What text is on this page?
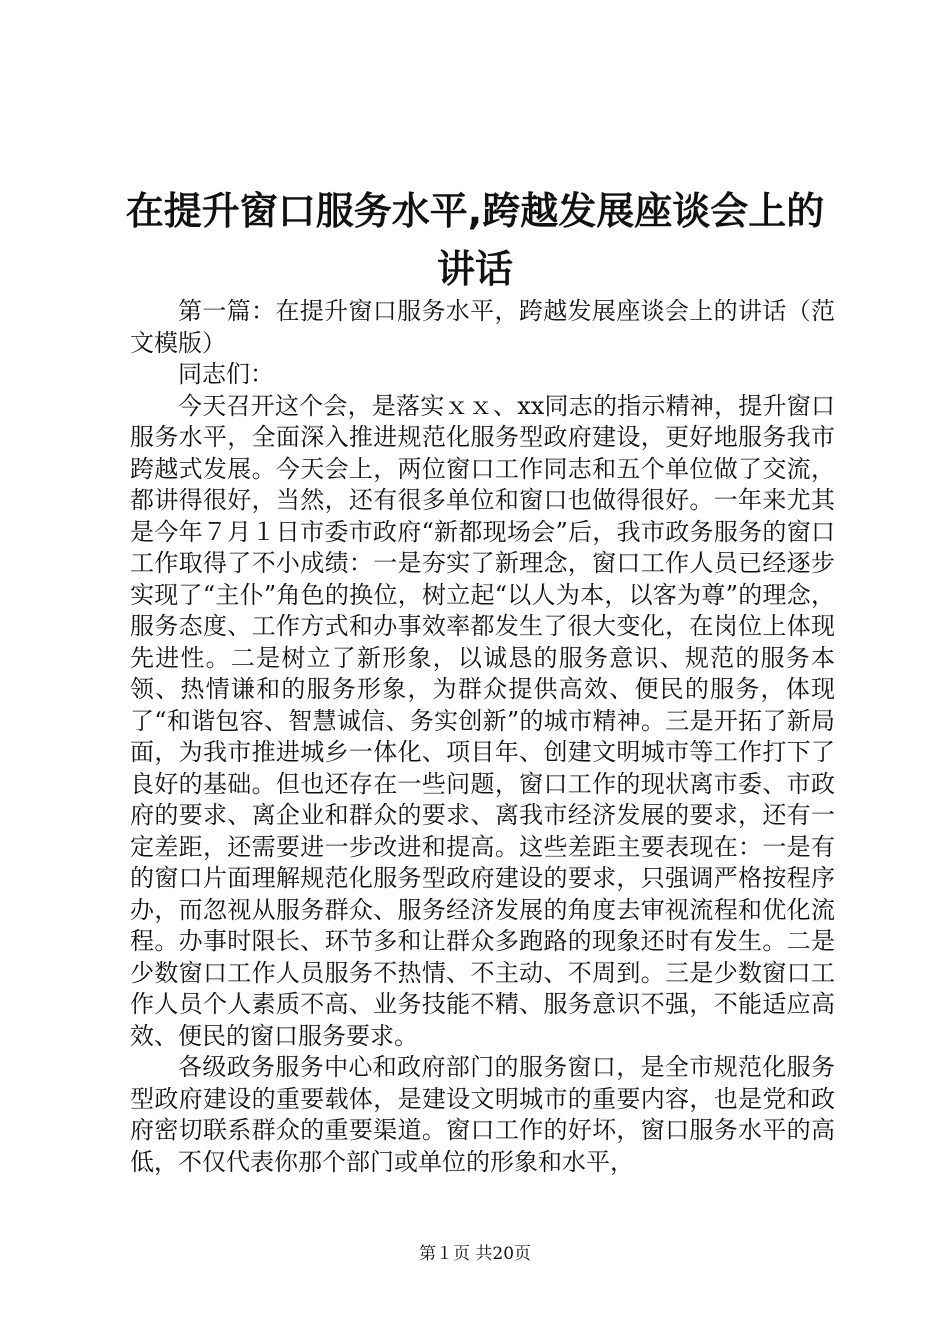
在提升窗口服务水平,跨越发展座谈会上的讲话

第一篇：在提升窗口服务水平，跨越发展座谈会上的讲话（范文模版）

同志们：

今天召开这个会，是落实ｘｘ、xx同志的指示精神，提升窗口服务水平，全面深入推进规范化服务型政府建设，更好地服务我市跨越式发展。今天会上，两位窗口工作同志和五个单位做了交流，都讲得很好，当然，还有很多单位和窗口也做得很好。一年来尤其是今年７月１日市委市政府“新都现场会”后，我市政务服务的窗口工作取得了不小成绩：一是夯实了新理念，窗口工作人员已经逐步实现了“主仆”角色的换位，树立起“以人为本，以客为尊”的理念，服务态度、工作方式和办事效率都发生了很大变化，在岗位上体现先进性。二是树立了新形象，以诚恳的服务意识、规范的服务本领、热情谦和的服务形象，为群众提供高效、便民的服务，体现了“和谐包容、智慧诚信、务实创新”的城市精神。三是开拓了新局面，为我市推进城乡一体化、项目年、创建文明城市等工作打下了良好的基础。但也还存在一些问题，窗口工作的现状离市委、市政府的要求、离企业和群众的要求、离我市经济发展的要求，还有一定差距，还需要进一步改进和提高。这些差距主要表现在：一是有的窗口片面理解规范化服务型政府建设的要求，只强调严格按程序办，而忽视从服务群众、服务经济发展的角度去审视流程和优化流程。办事时限长、环节多和让群众多跑路的现象还时有发生。二是少数窗口工作人员服务不热情、不主动、不周到。三是少数窗口工作人员个人素质不高、业务技能不精、服务意识不强，不能适应高效、便民的窗口服务要求。

各级政务服务中心和政府部门的服务窗口，是全市规范化服务型政府建设的重要载体，是建设文明城市的重要内容，也是党和政府密切联系群众的重要渠道。窗口工作的好坏，窗口服务水平的高低，不仅代表你那个部门或单位的形象和水平，

第１页 共20页
